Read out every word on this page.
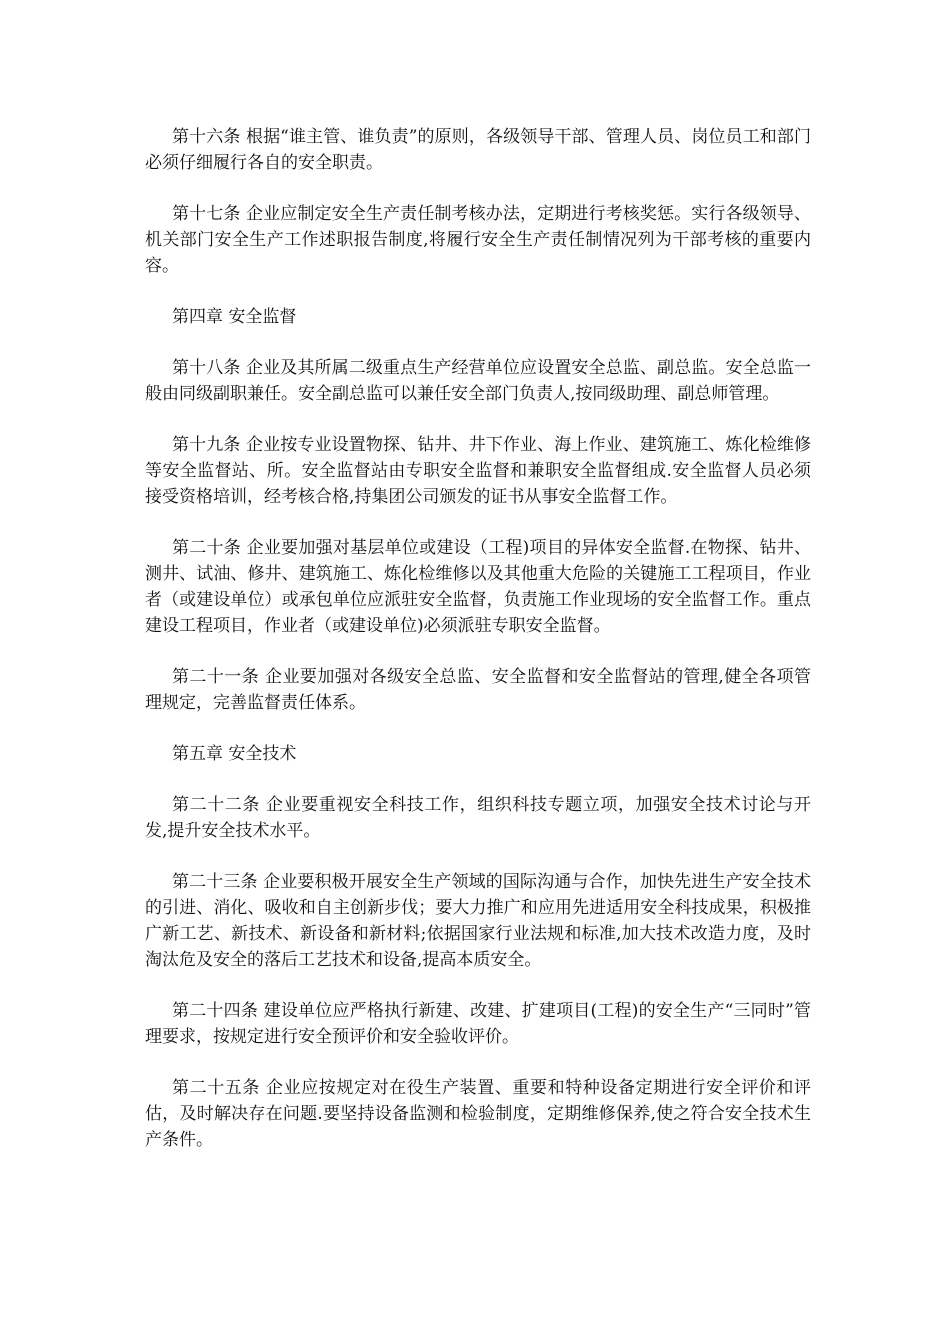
第十六条 根据“谁主管、谁负责”的原则，各级领导干部、管理人员、岗位员工和部门必须仔细履行各自的安全职责。

第十七条 企业应制定安全生产责任制考核办法，定期进行考核奖惩。实行各级领导、机关部门安全生产工作述职报告制度,将履行安全生产责任制情况列为干部考核的重要内容。

第四章 安全监督

第十八条 企业及其所属二级重点生产经营单位应设置安全总监、副总监。安全总监一般由同级副职兼任。安全副总监可以兼任安全部门负责人,按同级助理、副总师管理。

第十九条 企业按专业设置物探、钻井、井下作业、海上作业、建筑施工、炼化检维修等安全监督站、所。安全监督站由专职安全监督和兼职安全监督组成.安全监督人员必须接受资格培训，经考核合格,持集团公司颁发的证书从事安全监督工作。

第二十条 企业要加强对基层单位或建设（工程)项目的异体安全监督.在物探、钻井、测井、试油、修井、建筑施工、炼化检维修以及其他重大危险的关键施工工程项目，作业者（或建设单位）或承包单位应派驻安全监督，负责施工作业现场的安全监督工作。重点建设工程项目，作业者（或建设单位)必须派驻专职安全监督。

第二十一条 企业要加强对各级安全总监、安全监督和安全监督站的管理,健全各项管理规定，完善监督责任体系。

第五章 安全技术

第二十二条 企业要重视安全科技工作，组织科技专题立项，加强安全技术讨论与开发,提升安全技术水平。

第二十三条 企业要积极开展安全生产领域的国际沟通与合作，加快先进生产安全技术的引进、消化、吸收和自主创新步伐；要大力推广和应用先进适用安全科技成果，积极推广新工艺、新技术、新设备和新材料;依据国家行业法规和标准,加大技术改造力度，及时淘汰危及安全的落后工艺技术和设备,提高本质安全。

第二十四条 建设单位应严格执行新建、改建、扩建项目(工程)的安全生产“三同时”管理要求，按规定进行安全预评价和安全验收评价。

第二十五条 企业应按规定对在役生产装置、重要和特种设备定期进行安全评价和评估，及时解决存在问题.要坚持设备监测和检验制度，定期维修保养,使之符合安全技术生产条件。
